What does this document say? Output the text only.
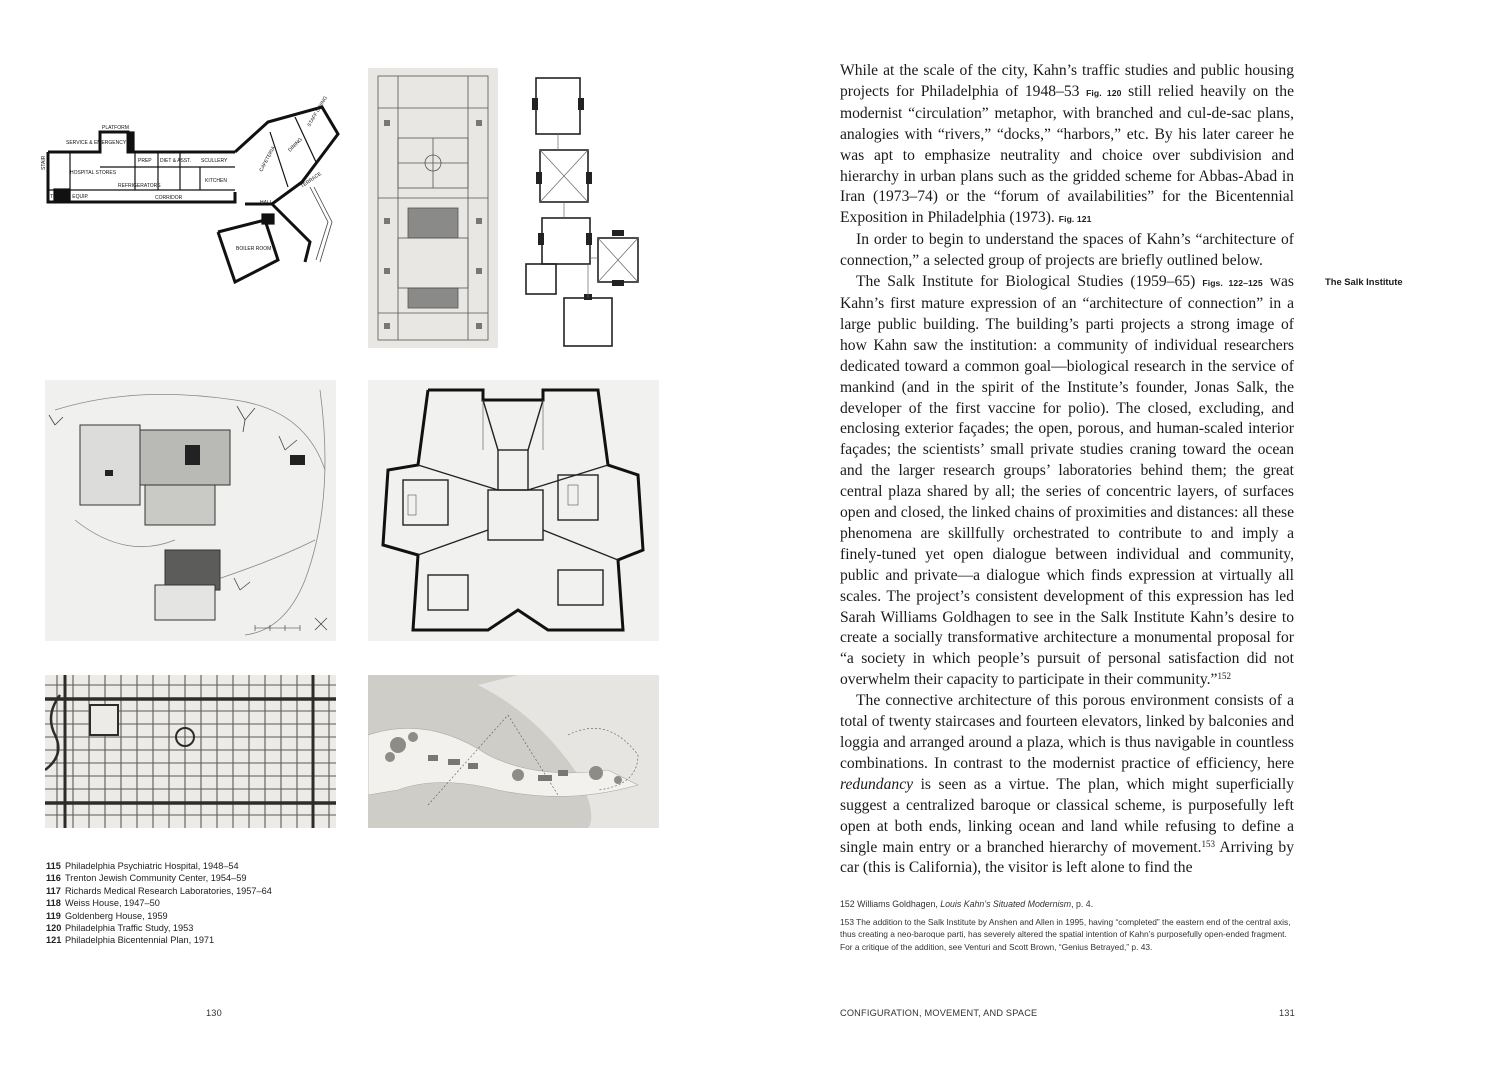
SERVICE & EMERGENCY
PLATFORM
HOSPITAL STORES
PREP DIET & ASST. SCULLERY
REFRIGERATORS
KITCHEN
CORRIDOR
TELEPH. EQUIP.
BOILER ROOM
HALL
CAFETERIA
DINING
STAFF DINING
TERRACE
STAIR
115 Philadelphia Psychiatric Hospital, 1948–54
116 Trenton Jewish Community Center, 1954–59
117 Richards Medical Research Laboratories, 1957–64
118 Weiss House, 1947–50
119 Goldenberg House, 1959
120 Philadelphia Traffic Study, 1953
121 Philadelphia Bicentennial Plan, 1971
130	CONFIGURATION, MOVEMENT, AND SPACE	131

While at the scale of the city, Kahn’s traffic studies and public housing projects for Philadelphia of 1948–53 Fig. 120 still relied heavily on the modernist “circulation” metaphor, with branched and cul-de-sac plans, analogies with “rivers,” “docks,” “harbors,” etc. By his later career he was apt to emphasize neutrality and choice over subdivision and hierarchy in urban plans such as the gridded scheme for Abbas-Abad in Iran (1973–74) or the “forum of availabilities” for the Bicentennial Exposition in Philadelphia (1973). Fig. 121

In order to begin to understand the spaces of Kahn’s “architecture of connection,” a selected group of projects are briefly outlined below.

The Salk Institute for Biological Studies (1959–65) Figs. 122–125 was Kahn’s first mature expression of an “architecture of connection” in a large public building. The building’s parti projects a strong image of how Kahn saw the institution: a community of individual researchers dedicated toward a common goal—biological research in the service of mankind (and in the spirit of the Institute’s founder, Jonas Salk, the developer of the first vaccine for polio). The closed, excluding, and enclosing exterior façades; the open, porous, and human-scaled interior façades; the scientists’ small private studies craning toward the ocean and the larger research groups’ laboratories behind them; the great central plaza shared by all; the series of concentric layers, of surfaces open and closed, the linked chains of proximities and distances: all these phenomena are skillfully orchestrated to contribute to and imply a finely-tuned yet open dialogue between individual and community, public and private—a dialogue which finds expression at virtually all scales. The project’s consistent development of this expression has led Sarah Williams Goldhagen to see in the Salk Institute Kahn’s desire to create a socially transformative architecture a monumental proposal for “a society in which people’s pursuit of personal satisfaction did not overwhelm their capacity to participate in their community.”$^{152}$

The connective architecture of this porous environment consists of a total of twenty staircases and fourteen elevators, linked by balconies and loggia and arranged around a plaza, which is thus navigable in countless combinations. In contrast to the modernist practice of efficiency, here redundancy is seen as a virtue. The plan, which might superficially suggest a centralized baroque or classical scheme, is purposefully left open at both ends, linking ocean and land while refusing to define a single main entry or a branched hierarchy of movement.$^{153}$ Arriving by car (this is California), the visitor is left alone to find the

The Salk Institute

152 Williams Goldhagen, Louis Kahn’s Situated Modernism, p. 4.

153 The addition to the Salk Institute by Anshen and Allen in 1995, having “completed” the eastern end of the central axis, thus creating a neo-baroque parti, has severely altered the spatial intention of Kahn’s purposefully open-ended fragment. For a critique of the addition, see Venturi and Scott Brown, “Genius Betrayed,” p. 43.
